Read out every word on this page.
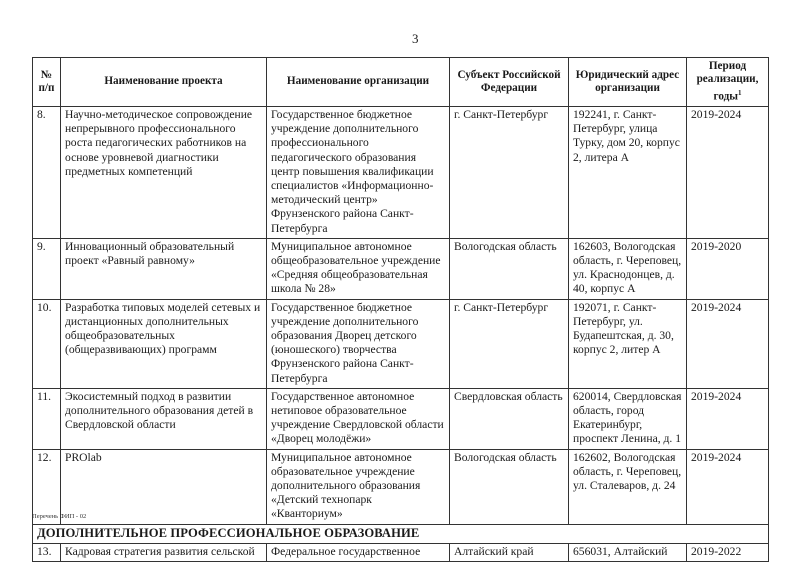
3
№ п/п	Наименование проекта	Наименование организации	Субъект Российской Федерации	Юридический адрес организации	Период реализации, годы$^1$
8.	Научно-методическое сопровождение непрерывного профессионального роста педагогических работников на основе уровневой диагностики предметных компетенций	Государственное бюджетное учреждение дополнительного профессионального педагогического образования центр повышения квалификации специалистов «Информационно-методический центр» Фрунзенского района Санкт-Петербурга	г. Санкт-Петербург	192241, г. Санкт-Петербург, улица Турку, дом 20, корпус 2, литера А	2019-2024
9.	Инновационный образовательный проект «Равный равному»	Муниципальное автономное общеобразовательное учреждение «Средняя общеобразовательная школа № 28»	Вологодская область	162603, Вологодская область, г. Череповец, ул. Краснодонцев, д. 40, корпус А	2019-2020
10.	Разработка типовых моделей сетевых и дистанционных дополнительных общеобразовательных (общеразвивающих) программ	Государственное бюджетное учреждение дополнительного образования Дворец детского (юношеского) творчества Фрунзенского района Санкт-Петербурга	г. Санкт-Петербург	192071, г. Санкт-Петербург, ул. Будапештская, д. 30, корпус 2, литер А	2019-2024
11.	Экосистемный подход в развитии дополнительного образования детей в Свердловской области	Государственное автономное нетиповое образовательное учреждение Свердловской области «Дворец молодёжи»	Свердловская область	620014, Свердловская область, город Екатеринбург, проспект Ленина, д. 1	2019-2024
12.	PROlab	Муниципальное автономное образовательное учреждение дополнительного образования «Детский технопарк «Кванториум»	Вологодская область	162602, Вологодская область, г. Череповец, ул. Сталеваров, д. 24	2019-2024
ДОПОЛНИТЕЛЬНОЕ ПРОФЕССИОНАЛЬНОЕ ОБРАЗОВАНИЕ					
13.	Кадровая стратегия развития сельской	Федеральное государственное	Алтайский край	656031, Алтайский	2019-2022
Перечень ФИП - 02
